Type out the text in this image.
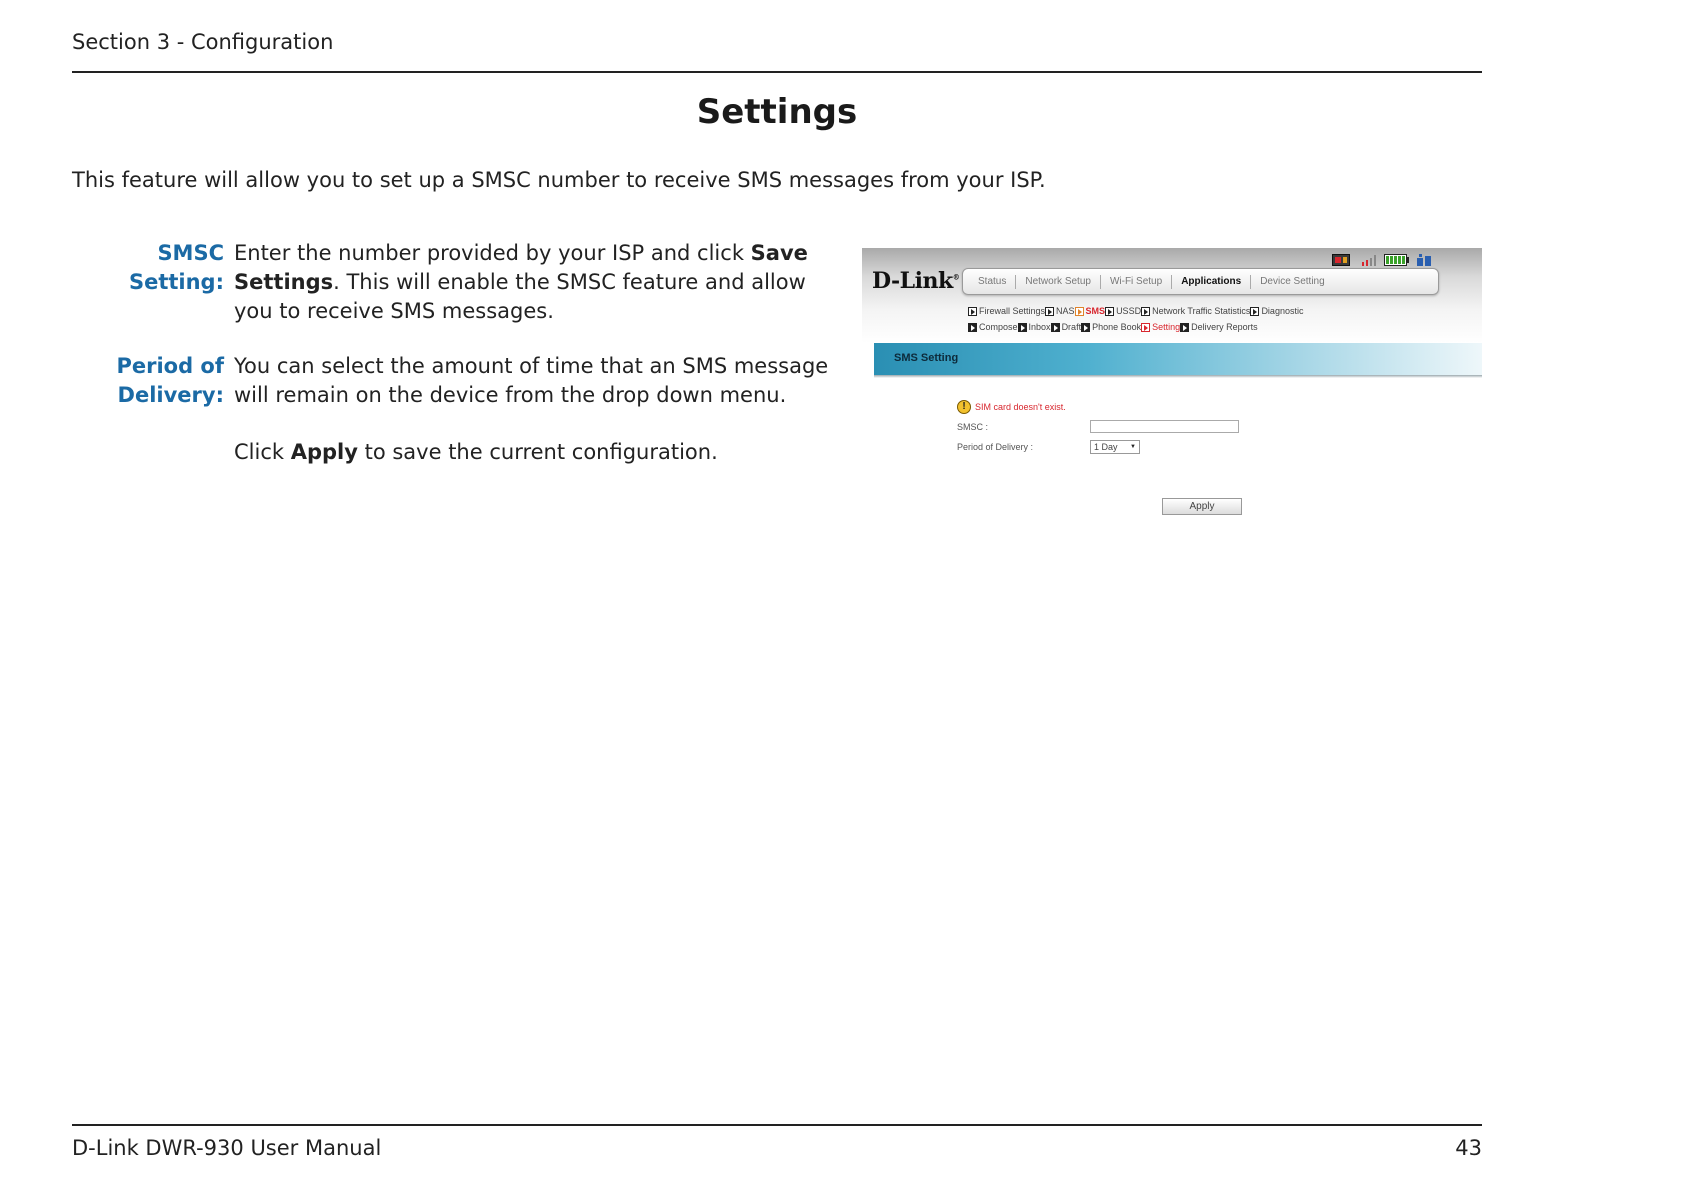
Section 3 - Configuration
Settings
This feature will allow you to set up a SMSC number to receive SMS messages from your ISP.
SMSC Setting:
Enter the number provided by your ISP and click Save Settings. This will enable the SMSC feature and allow you to receive SMS messages.
Period of
Delivery:
You can select the amount of time that an SMS message will remain on the device from the drop down menu.
Click Apply to save the current configuration.
D-Link®	Status	Network Setup	Wi-Fi Setup	Applications	Device Setting
Firewall Settings NAS SMS USSD Network Traffic Statistics Diagnostic
Compose Inbox Draft Phone Book Setting Delivery Reports
SMS Setting
!	SIM card doesn't exist.
SMSC :
Period of Delivery :	1 Day ▼
Apply
D-Link DWR-930 User Manual	43
